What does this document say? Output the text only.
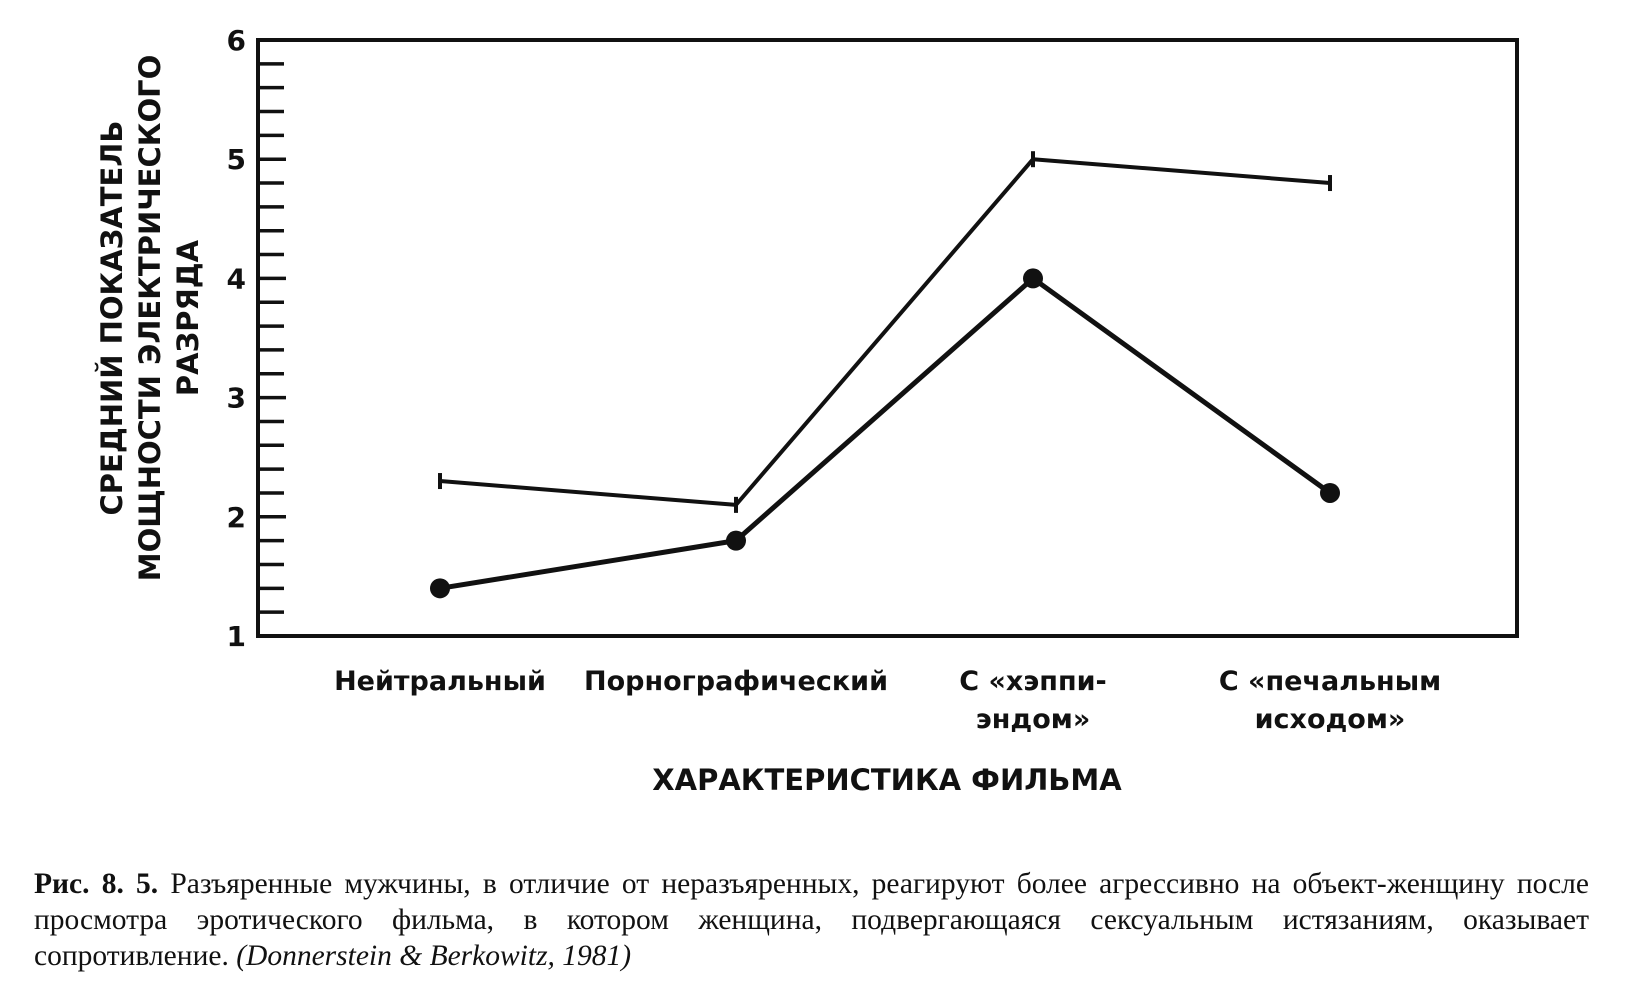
СРЕДНИЙ ПОКАЗАТЕЛЬ МОЩНОСТИ ЭЛЕКТРИЧЕСКОГО РАЗРЯДА
1
2
3
4
5
6
Нейтральный Порнографический	С «хэппи-
эндом»
С «печальным
исходом»
ХАРАКТЕРИСТИКА ФИЛЬМА
Рис. 8. 5. Разъяренные мужчины, в отличие от неразъяренных, реагируют более агрессивно на объект-женщину после просмотра эротического фильма, в котором женщина, подвергающаяся сексуальным истязаниям, оказывает сопротивление. (Donnerstein & Berkowitz, 1981)
